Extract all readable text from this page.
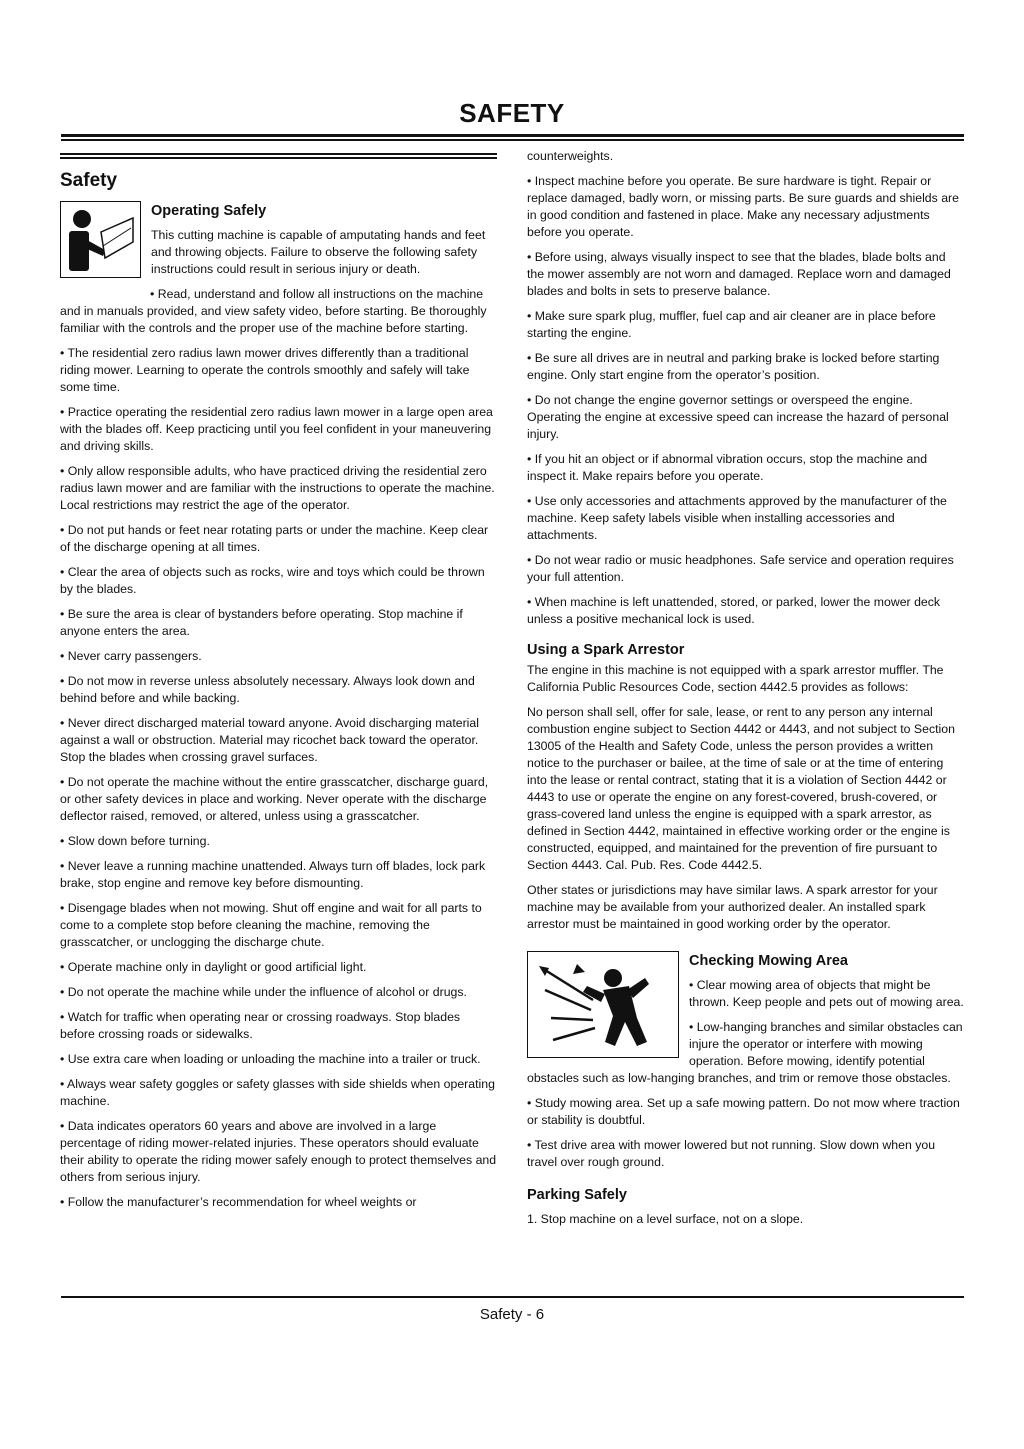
SAFETY
Safety
Operating Safely

This cutting machine is capable of amputating hands and feet and throwing objects. Failure to observe the following safety instructions could result in serious injury or death.

• Read, understand and follow all instructions on the machine and in manuals provided, and view safety video, before starting. Be thoroughly familiar with the controls and the proper use of the machine before starting.

• The residential zero radius lawn mower drives differently than a traditional riding mower. Learning to operate the controls smoothly and safely will take some time.

• Practice operating the residential zero radius lawn mower in a large open area with the blades off. Keep practicing until you feel confident in your maneuvering and driving skills.

• Only allow responsible adults, who have practiced driving the residential zero radius lawn mower and are familiar with the instructions to operate the machine. Local restrictions may restrict the age of the operator.

• Do not put hands or feet near rotating parts or under the machine. Keep clear of the discharge opening at all times.

• Clear the area of objects such as rocks, wire and toys which could be thrown by the blades.

• Be sure the area is clear of bystanders before operating. Stop machine if anyone enters the area.

• Never carry passengers.

• Do not mow in reverse unless absolutely necessary. Always look down and behind before and while backing.

• Never direct discharged material toward anyone. Avoid discharging material against a wall or obstruction. Material may ricochet back toward the operator. Stop the blades when crossing gravel surfaces.

• Do not operate the machine without the entire grasscatcher, discharge guard, or other safety devices in place and working. Never operate with the discharge deflector raised, removed, or altered, unless using a grasscatcher.

• Slow down before turning.

• Never leave a running machine unattended. Always turn off blades, lock park brake, stop engine and remove key before dismounting.

• Disengage blades when not mowing. Shut off engine and wait for all parts to come to a complete stop before cleaning the machine, removing the grasscatcher, or unclogging the discharge chute.

• Operate machine only in daylight or good artificial light.

• Do not operate the machine while under the influence of alcohol or drugs.

• Watch for traffic when operating near or crossing roadways. Stop blades before crossing roads or sidewalks.

• Use extra care when loading or unloading the machine into a trailer or truck.

• Always wear safety goggles or safety glasses with side shields when operating machine.

• Data indicates operators 60 years and above are involved in a large percentage of riding mower-related injuries. These operators should evaluate their ability to operate the riding mower safely enough to protect themselves and others from serious injury.

• Follow the manufacturer’s recommendation for wheel weights or

counterweights.

• Inspect machine before you operate. Be sure hardware is tight. Repair or replace damaged, badly worn, or missing parts. Be sure guards and shields are in good condition and fastened in place. Make any necessary adjustments before you operate.

• Before using, always visually inspect to see that the blades, blade bolts and the mower assembly are not worn and damaged. Replace worn and damaged blades and bolts in sets to preserve balance.

• Make sure spark plug, muffler, fuel cap and air cleaner are in place before starting the engine.

• Be sure all drives are in neutral and parking brake is locked before starting engine. Only start engine from the operator’s position.

• Do not change the engine governor settings or overspeed the engine. Operating the engine at excessive speed can increase the hazard of personal injury.

• If you hit an object or if abnormal vibration occurs, stop the machine and inspect it. Make repairs before you operate.

• Use only accessories and attachments approved by the manufacturer of the machine. Keep safety labels visible when installing accessories and attachments.

• Do not wear radio or music headphones. Safe service and operation requires your full attention.

• When machine is left unattended, stored, or parked, lower the mower deck unless a positive mechanical lock is used.

Using a Spark Arrestor

The engine in this machine is not equipped with a spark arrestor muffler. The California Public Resources Code, section 4442.5 provides as follows:

No person shall sell, offer for sale, lease, or rent to any person any internal combustion engine subject to Section 4442 or 4443, and not subject to Section 13005 of the Health and Safety Code, unless the person provides a written notice to the purchaser or bailee, at the time of sale or at the time of entering into the lease or rental contract, stating that it is a violation of Section 4442 or 4443 to use or operate the engine on any forest-covered, brush-covered, or grass-covered land unless the engine is equipped with a spark arrestor, as defined in Section 4442, maintained in effective working order or the engine is constructed, equipped, and maintained for the prevention of fire pursuant to Section 4443. Cal. Pub. Res. Code 4442.5.

Other states or jurisdictions may have similar laws. A spark arrestor for your machine may be available from your authorized dealer. An installed spark arrestor must be maintained in good working order by the operator.

Checking Mowing Area

• Clear mowing area of objects that might be thrown. Keep people and pets out of mowing area.

• Low-hanging branches and similar obstacles can injure the operator or interfere with mowing operation. Before mowing, identify potential obstacles such as low-hanging branches, and trim or remove those obstacles.

• Study mowing area. Set up a safe mowing pattern. Do not mow where traction or stability is doubtful.

• Test drive area with mower lowered but not running. Slow down when you travel over rough ground.

Parking Safely

1. Stop machine on a level surface, not on a slope.

Safety - 6
